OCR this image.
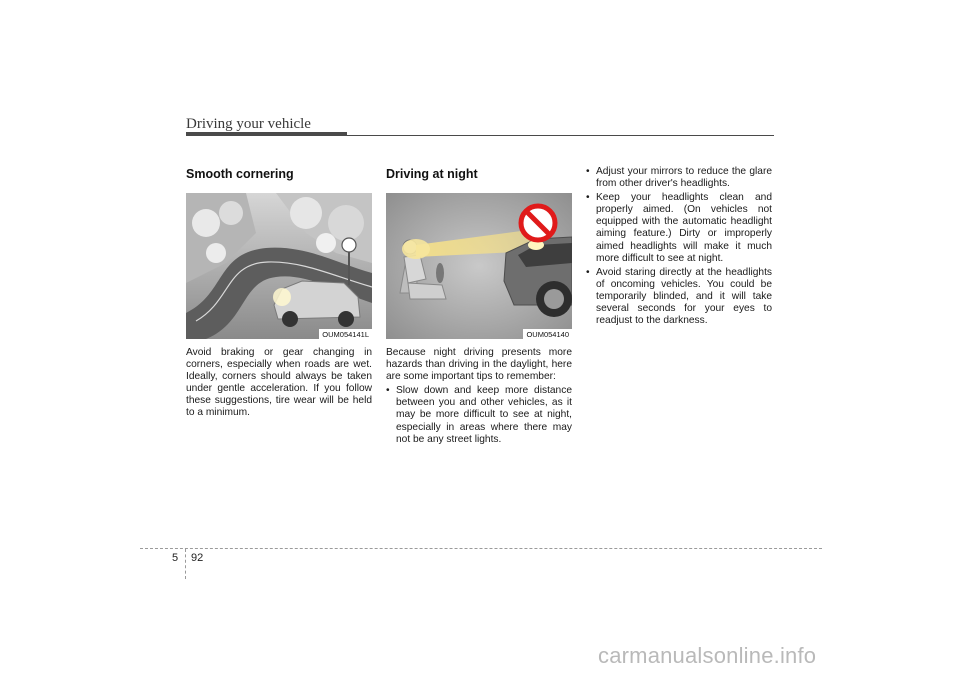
Driving your vehicle
Smooth cornering
OUM054141L

Avoid braking or gear changing in corners, especially when roads are wet. Ideally, corners should always be taken under gentle acceleration. If you follow these suggestions, tire wear will be held to a minimum.

Driving at night
OUM054140

Because night driving presents more hazards than driving in the daylight, here are some important tips to remember:

• Slow down and keep more distance between you and other vehicles, as it may be more difficult to see at night, especially in areas where there may not be any street lights.
• Adjust your mirrors to reduce the glare from other driver's headlights.
• Keep your headlights clean and properly aimed. (On vehicles not equipped with the automatic headlight aiming feature.) Dirty or improperly aimed headlights will make it much more difficult to see at night.
• Avoid staring directly at the headlights of oncoming vehicles. You could be temporarily blinded, and it will take several seconds for your eyes to readjust to the darkness.
5 92
carmanualsonline.info
